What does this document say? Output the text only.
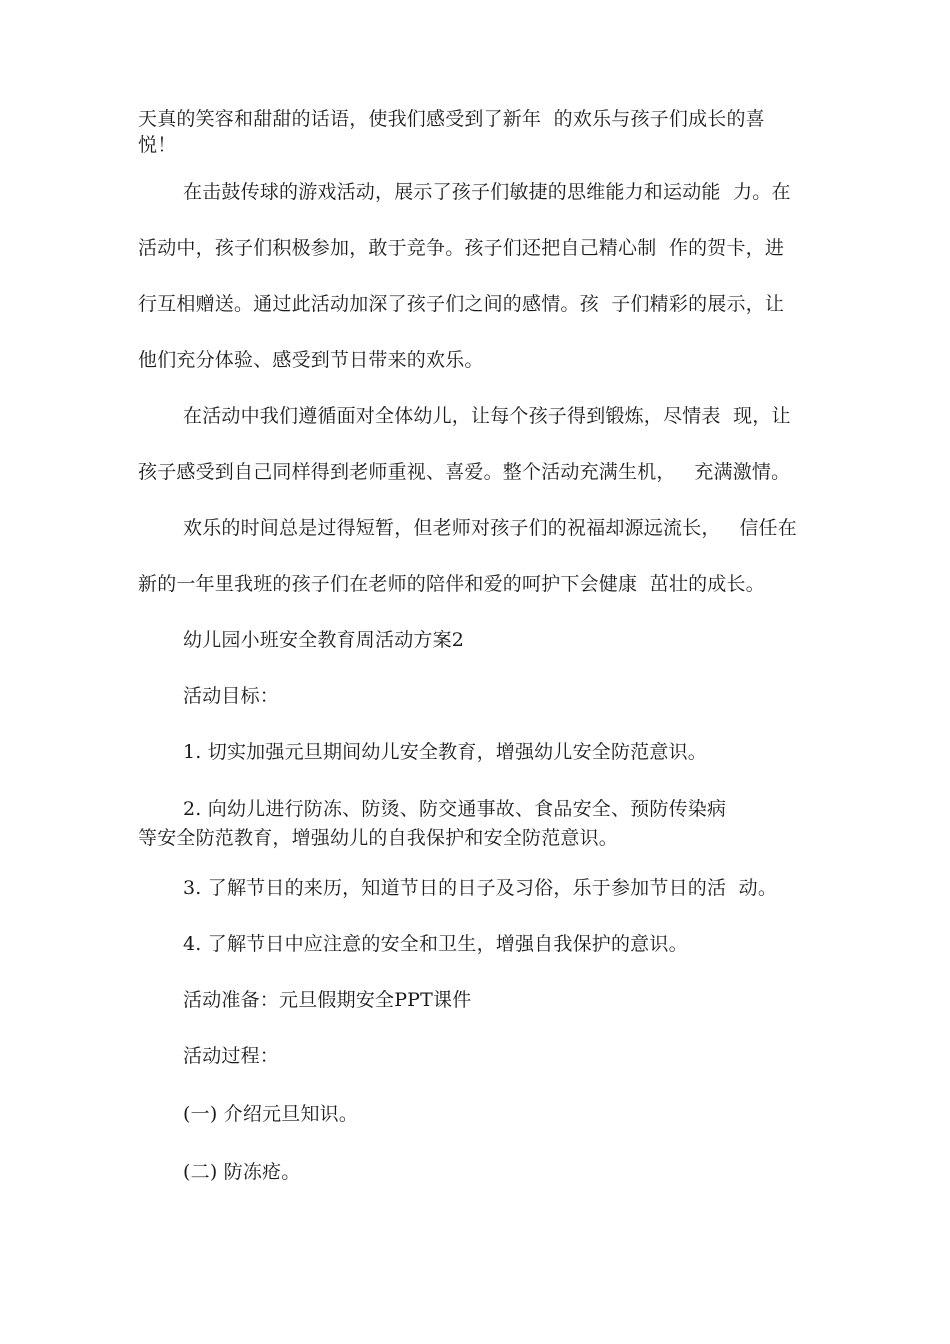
天真的笑容和甜甜的话语，使我们感受到了新年  的欢乐与孩子们成长的喜
悦！
在击鼓传球的游戏活动，展示了孩子们敏捷的思维能力和运动能  力。在
活动中，孩子们积极参加，敢于竞争。孩子们还把自己精心制  作的贺卡，进
行互相赠送。通过此活动加深了孩子们之间的感情。孩  子们精彩的展示，让
他们充分体验、感受到节日带来的欢乐。
在活动中我们遵循面对全体幼儿，让每个孩子得到锻炼，尽情表  现，让
孩子感受到自己同样得到老师重视、喜爱。整个活动充满生机，   充满激情。
欢乐的时间总是过得短暂，但老师对孩子们的祝福却源远流长，   信任在
新的一年里我班的孩子们在老师的陪伴和爱的呵护下会健康  茁壮的成长。
幼儿园小班安全教育周活动方案2
活动目标：
1. 切实加强元旦期间幼儿安全教育，增强幼儿安全防范意识。
2. 向幼儿进行防冻、防烫、防交通事故、食品安全、预防传染病
等安全防范教育，增强幼儿的自我保护和安全防范意识。
3. 了解节日的来历，知道节日的日子及习俗，乐于参加节日的活  动。
4. 了解节日中应注意的安全和卫生，增强自我保护的意识。
活动准备：元旦假期安全PPT课件
活动过程：
(一) 介绍元旦知识。
(二) 防冻疮。
